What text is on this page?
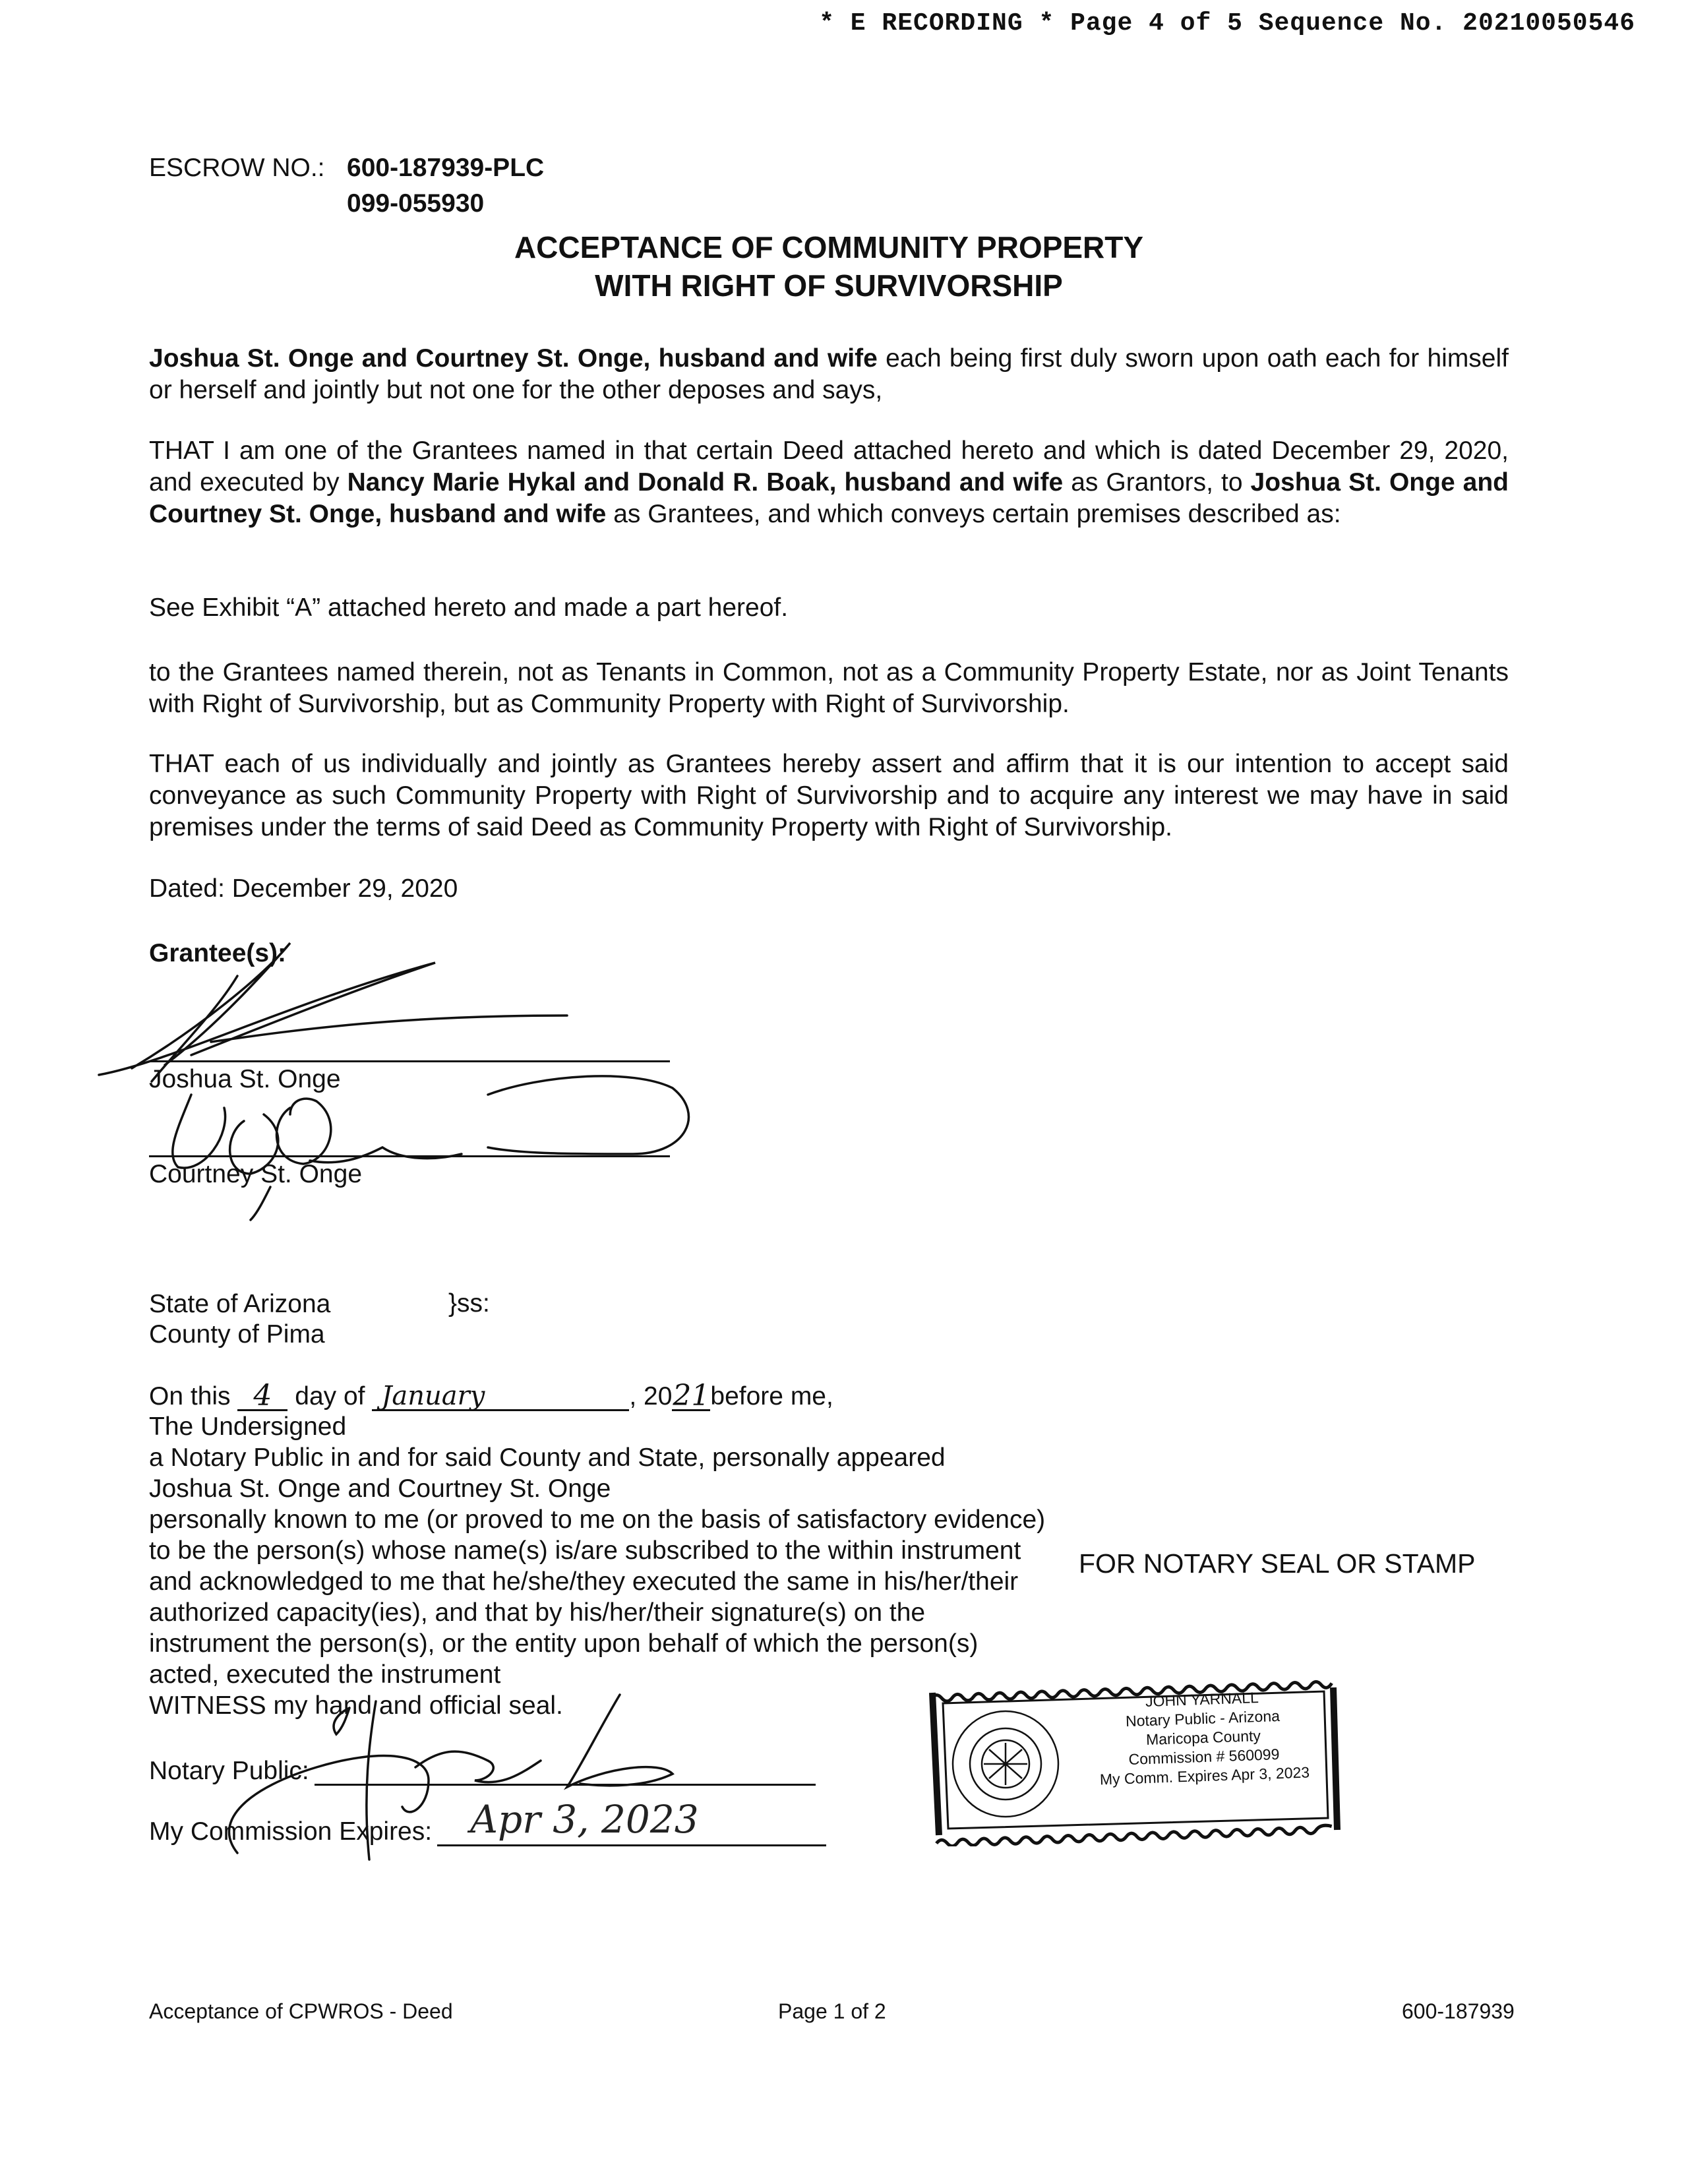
* E RECORDING * Page 4 of 5 Sequence No. 20210050546
ESCROW NO.: 600-187939-PLC
099-055930
ACCEPTANCE OF COMMUNITY PROPERTY
WITH RIGHT OF SURVIVORSHIP
Joshua St. Onge and Courtney St. Onge, husband and wife each being first duly sworn upon oath each for himself or herself and jointly but not one for the other deposes and says,
THAT I am one of the Grantees named in that certain Deed attached hereto and which is dated December 29, 2020, and executed by Nancy Marie Hykal and Donald R. Boak, husband and wife as Grantors, to Joshua St. Onge and Courtney St. Onge, husband and wife as Grantees, and which conveys certain premises described as:
See Exhibit “A” attached hereto and made a part hereof.
to the Grantees named therein, not as Tenants in Common, not as a Community Property Estate, nor as Joint Tenants with Right of Survivorship, but as Community Property with Right of Survivorship.
THAT each of us individually and jointly as Grantees hereby assert and affirm that it is our intention to accept said conveyance as such Community Property with Right of Survivorship and to acquire any interest we may have in said premises under the terms of said Deed as Community Property with Right of Survivorship.
Dated: December 29, 2020
Grantee(s):
Joshua St. Onge
Courtney St. Onge
State of Arizona
County of Pima
}ss:
On this 4 day of January	, 2021before me,
The Undersigned
a Notary Public in and for said County and State, personally appeared
Joshua St. Onge and Courtney St. Onge
personally known to me (or proved to me on the basis of satisfactory evidence) to be the person(s) whose name(s) is/are subscribed to the within instrument and acknowledged to me that he/she/they executed the same in his/her/their authorized capacity(ies), and that by his/her/their signature(s) on the instrument the person(s), or the entity upon behalf of which the person(s) acted, executed the instrument
WITNESS my hand and official seal.
FOR NOTARY SEAL OR STAMP
Notary Public:
My Commission Expires: Apr 3, 2023
JOHN YARNALL
Notary Public - Arizona
Maricopa County
Commission # 560099
My Comm. Expires Apr 3, 2023
Acceptance of CPWROS - Deed	Page 1 of 2	600-187939
